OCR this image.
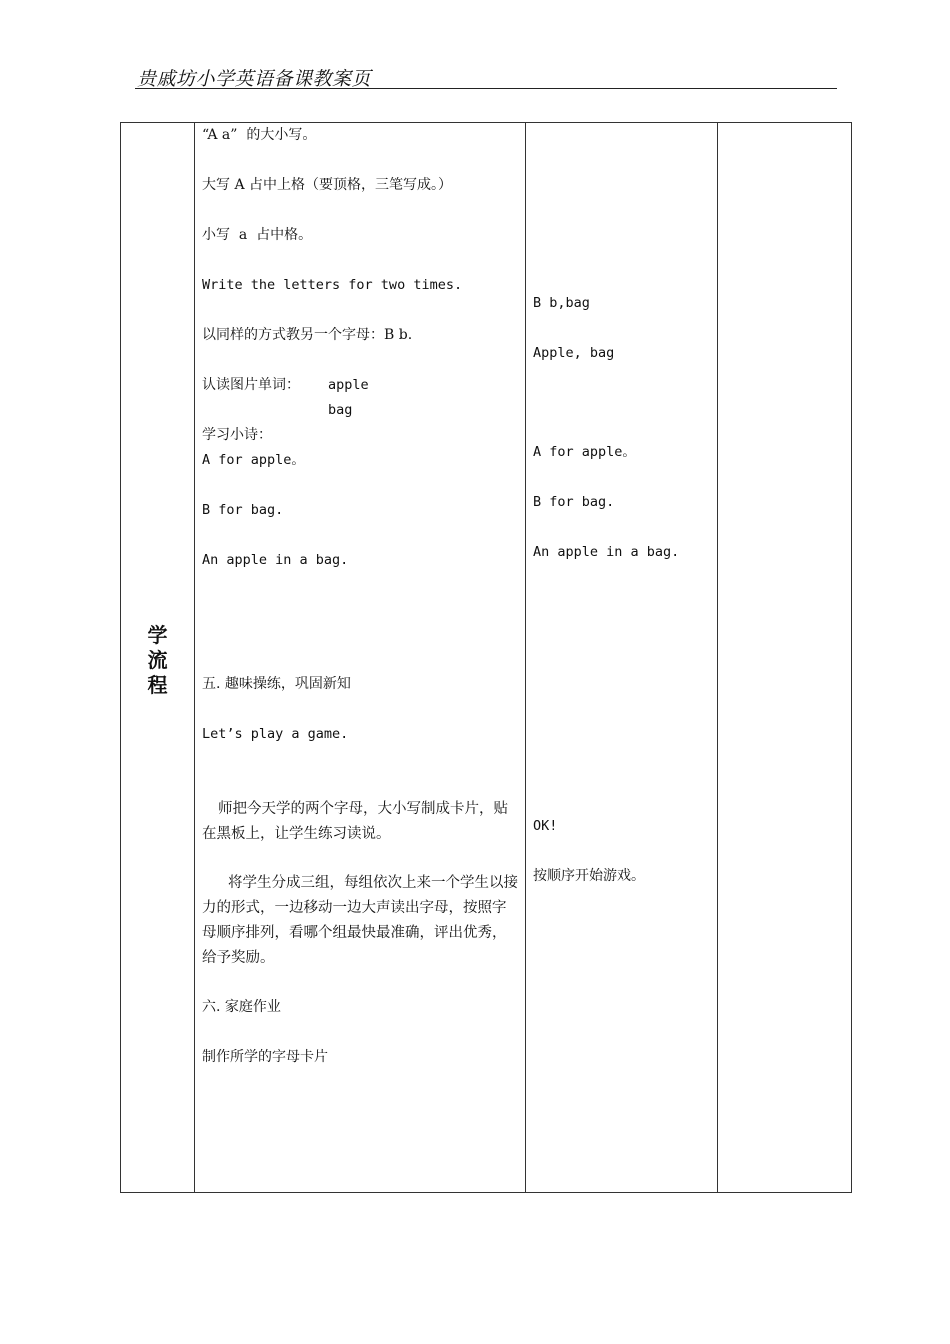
贵戚坊小学英语备课教案页
学
流
程
“A a”  的大小写。
大写 A 占中上格（要顶格，三笔写成。）
小写  a  占中格。
Write the letters for two times.
以同样的方式教另一个字母：B b.
认读图片单词： apple
bag
学习小诗：
A for apple。
B for bag.
An apple in a bag.
五. 趣味操练，巩固新知
Let’s play a game.
师把今天学的两个字母，大小写制成卡片，贴在黑板上，让学生练习读说。
将学生分成三组，每组依次上来一个学生以接力的形式，一边移动一边大声读出字母，按照字母顺序排列，看哪个组最快最准确，评出优秀，给予奖励。
六. 家庭作业
制作所学的字母卡片
B b,bag
Apple, bag
A for apple。
B for bag.
An apple in a bag.
OK!
按顺序开始游戏。
